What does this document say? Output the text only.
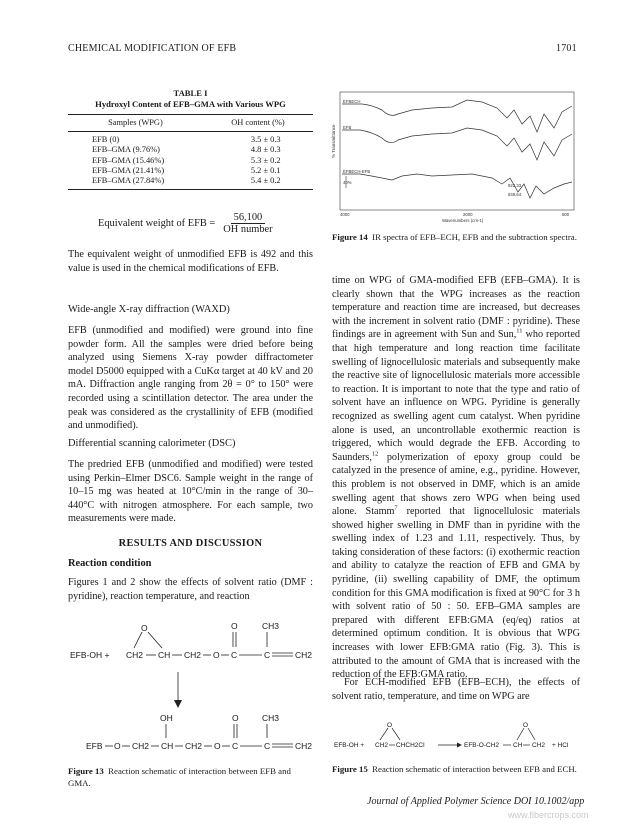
CHEMICAL MODIFICATION OF EFB	1701
TABLE I
Hydroxyl Content of EFB–GMA with Various WPG
Samples (WPG)	OH content (%)
EFB (0)	3.5 ± 0.3
EFB–GMA (9.76%)	4.8 ± 0.3
EFB–GMA (15.46%)	5.3 ± 0.2
EFB–GMA (21.41%)	5.2 ± 0.1
EFB–GMA (27.84%)	5.4 ± 0.2
Equivalent weight of EFB =
56,100
OH number
The equivalent weight of unmodified EFB is 492 and this value is used in the chemical modifications of EFB.
Wide-angle X-ray diffraction (WAXD)
EFB (unmodified and modified) were ground into fine powder form. All the samples were dried before being analyzed using Siemens X-ray powder diffractometer model D5000 equipped with a CuKα target at 40 kV and 20 mA. Diffraction angle ranging from 2θ = 0° to 150° were recorded using a scintillation detector. The area under the peak was considered as the crystallinity of EFB (modified and unmodified).
Differential scanning calorimeter (DSC)
The predried EFB (unmodified and modified) were tested using Perkin–Elmer DSC6. Sample weight in the range of 10–15 mg was heated at 10°C/min in the range of 30–440°C with nitrogen atmosphere. For each sample, two measurements were made.
RESULTS AND DISCUSSION
Reaction condition
Figures 1 and 2 show the effects of solvent ratio (DMF : pyridine), reaction temperature, and reaction
EFB-OH + CH2 CH
O
CH2 O C
O
C
CH3
CH2
EFB O CH2 CH
OH
CH2 O C
O
C
CH3
CH2
Figure 13 Reaction schematic of interaction between EFB and GMA.
% Transmittance
EFBECH
EFB
EFBECH-EFB
40%
922.33
849.64
4000	2000	500
Wavenumbers (cm-1)
Figure 14 IR spectra of EFB–ECH, EFB and the subtraction spectra.
time on WPG of GMA-modified EFB (EFB–GMA). It is clearly shown that the WPG increases as the reaction temperature and reaction time are increased, but decreases with the increment in solvent ratio (DMF : pyridine). These findings are in agreement with Sun and Sun,$^{11}$ who reported that high temperature and long reaction time facilitate swelling of lignocellulosic materials and subsequently make the reactive site of lignocellulosic materials more accessible to reaction. It is important to note that the type and ratio of solvent have an influence on WPG. Pyridine is generally recognized as swelling agent cum catalyst. When pyridine alone is used, an uncontrollable exothermic reaction is triggered, which would degrade the EFB. According to Saunders,$^{12}$ polymerization of epoxy group could be catalyzed in the presence of amine, e.g., pyridine. However, this problem is not observed in DMF, which is an amide swelling agent that shows zero WPG when being used alone. Stamm$^7$ reported that lignocellulosic materials showed higher swelling in DMF than in pyridine with the swelling index of 1.23 and 1.11, respectively. Thus, by taking consideration of these factors: (i) exothermic reaction and ability to catalyze the reaction of EFB and GMA by pyridine, (ii) swelling capability of DMF, the optimum condition for this GMA modification is fixed at 90°C for 3 h with solvent ratio of 50 : 50. EFB–GMA samples are prepared with different EFB:GMA (eq/eq) ratios at determined optimum condition. It is obvious that WPG increases with lower EFB:GMA ratio (Fig. 3). This is attributed to the amount of GMA that is increased with the reduction of the EFB:GMA ratio.
For ECH-modified EFB (EFB–ECH), the effects of solvent ratio, temperature, and time on WPG are
EFB-OH + CH2 CHCH2Cl
O
EFB-O-CH2 CH CH2
O
+ HCl
Figure 15 Reaction schematic of interaction between EFB and ECH.
Journal of Applied Polymer Science DOI 10.1002/app
www.fibercrops.com
